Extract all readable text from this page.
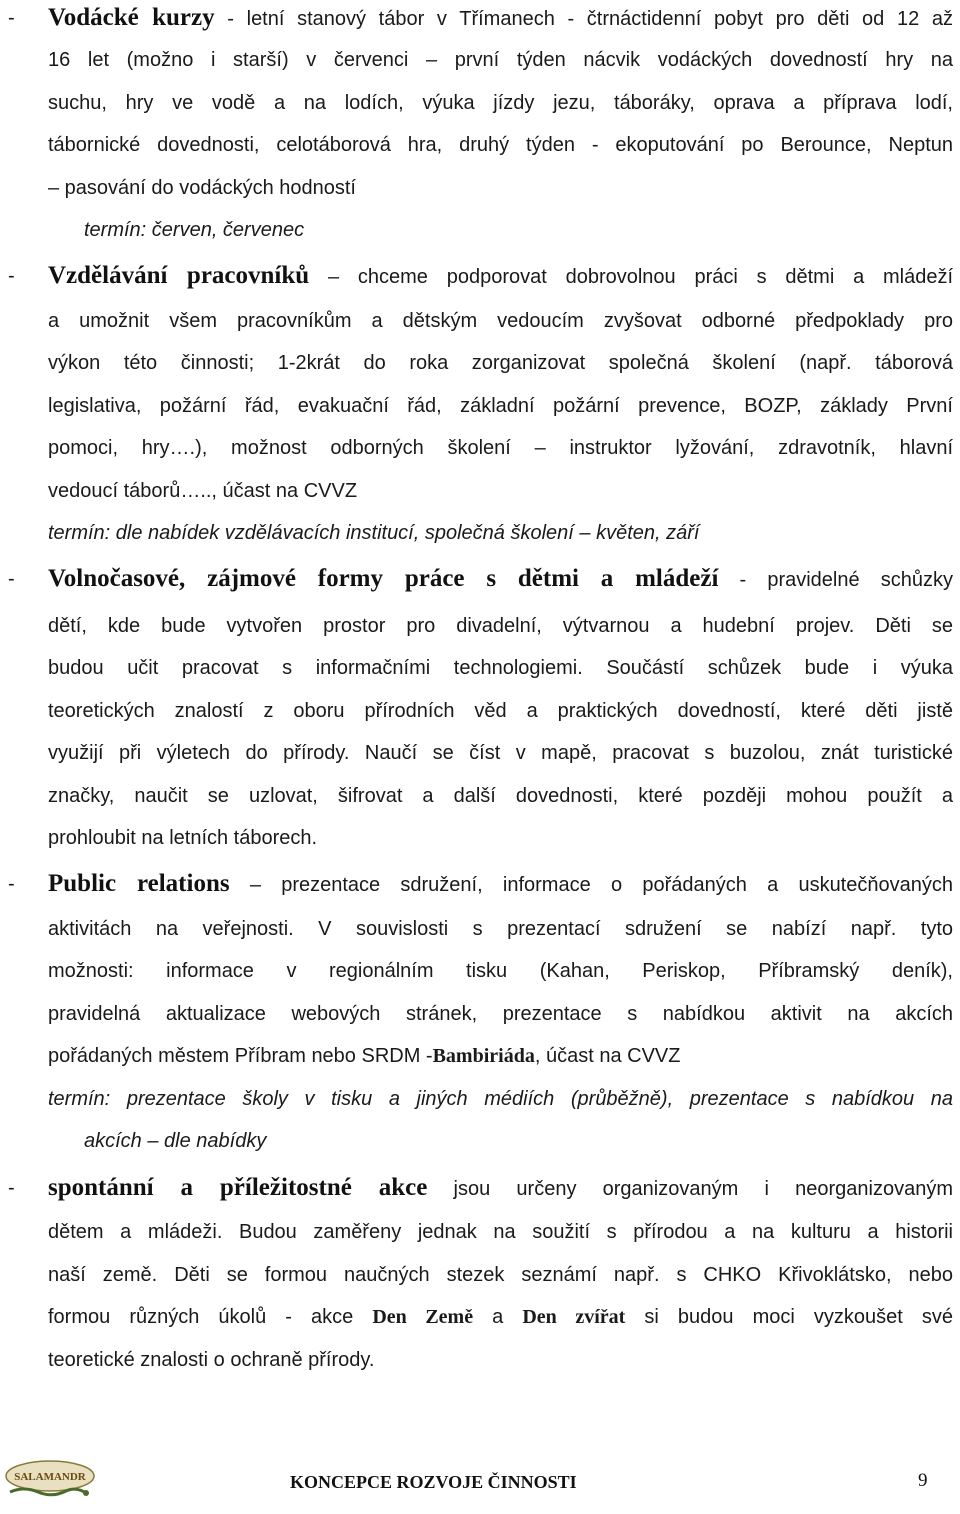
- Vodácké kurzy - letní stanový tábor v Třímanech - čtrnáctidenní pobyt pro děti od 12 až
16 let (možno i starší) v červenci – první týden nácvik vodáckých dovedností hry na
suchu, hry ve vodě a na lodích, výuka jízdy jezu, táboráky, oprava a příprava lodí,
tábornické dovednosti, celotáborová hra, druhý týden - ekoputování po Berounce, Neptun
– pasování do vodáckých hodností
termín: červen, červenec
- Vzdělávání pracovníků – chceme podporovat dobrovolnou práci s dětmi a mládeží
a umožnit všem pracovníkům a dětským vedoucím zvyšovat odborné předpoklady pro
výkon této činnosti; 1-2krát do roka zorganizovat společná školení (např. táborová
legislativa, požární řád, evakuační řád, základní požární prevence, BOZP, základy První
pomoci, hry….), možnost odborných školení – instruktor lyžování, zdravotník, hlavní
vedoucí táborů….., účast na CVVZ
termín: dle nabídek vzdělávacích institucí, společná školení – květen, září
- Volnočasové, zájmové formy práce s dětmi a mládeží - pravidelné schůzky
dětí, kde bude vytvořen prostor pro divadelní, výtvarnou a hudební projev. Děti se
budou učit pracovat s informačními technologiemi. Součástí schůzek bude i výuka
teoretických znalostí z oboru přírodních věd a praktických dovedností, které děti jistě
využijí při výletech do přírody. Naučí se číst v mapě, pracovat s buzolou, znát turistické
značky, naučit se uzlovat, šifrovat a další dovednosti, které později mohou použít a
prohloubit na letních táborech.
- Public relations – prezentace sdružení, informace o pořádaných a uskutečňovaných
aktivitách na veřejnosti. V souvislosti s prezentací sdružení se nabízí např. tyto
možnosti: informace v regionálním tisku (Kahan, Periskop, Příbramský deník),
pravidelná aktualizace webových stránek, prezentace s nabídkou aktivit na akcích
pořádaných městem Příbram nebo SRDM -Bambiriáda, účast na CVVZ
termín: prezentace školy v tisku a jiných médiích (průběžně), prezentace s nabídkou na
akcích – dle nabídky
- spontánní a příležitostné akce jsou určeny organizovaným i neorganizovaným
dětem a mládeži. Budou zaměřeny jednak na soužití s přírodou a na kulturu a historii
naší země. Děti se formou naučných stezek seznámí např. s CHKO Křivoklátsko, nebo
formou různých úkolů - akce Den Země a Den zvířat si budou moci vyzkoušet své
teoretické znalosti o ochraně přírody.
SALAMANDR	KONCEPCE ROZVOJE ČINNOSTI	9
